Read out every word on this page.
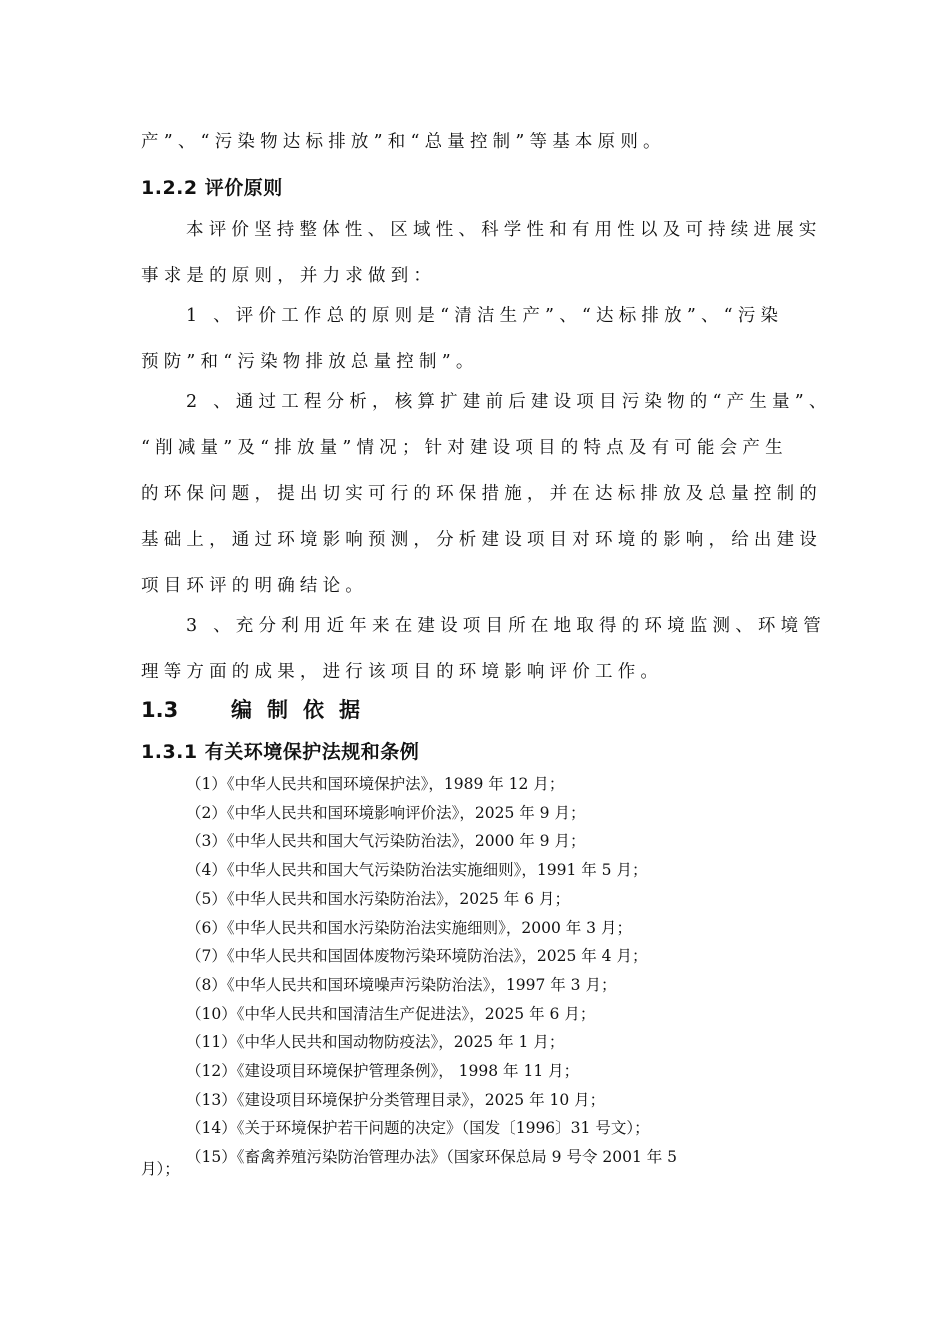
产”、“污染物达标排放”和“总量控制”等基本原则。
1.2.2 评价原则
本评价坚持整体性、区域性、科学性和有用性以及可持续进展实
事求是的原则，并力求做到：
1 、评价工作总的原则是“清洁生产”、“达标排放”、“污染
预防”和“污染物排放总量控制”。
2 、通过工程分析，核算扩建前后建设项目污染物的“产生量”、
“削减量”及“排放量”情况；针对建设项目的特点及有可能会产生
的环保问题，提出切实可行的环保措施，并在达标排放及总量控制的
基础上，通过环境影响预测，分析建设项目对环境的影响，给出建设
项目环评的明确结论。
3 、充分利用近年来在建设项目所在地取得的环境监测、环境管
理等方面的成果，进行该项目的环境影响评价工作。
1.3	编制依据
1.3.1 有关环境保护法规和条例
（1）《中华人民共和国环境保护法》，1989 年 12 月；
（2）《中华人民共和国环境影响评价法》，2025 年 9 月；
（3）《中华人民共和国大气污染防治法》，2000 年 9 月；
（4）《中华人民共和国大气污染防治法实施细则》，1991 年 5 月；
（5）《中华人民共和国水污染防治法》，2025 年 6 月；
（6）《中华人民共和国水污染防治法实施细则》，2000 年 3 月；
（7）《中华人民共和国固体废物污染环境防治法》，2025 年 4 月；
（8）《中华人民共和国环境噪声污染防治法》，1997 年 3 月；
（10）《中华人民共和国清洁生产促进法》，2025 年 6 月；
（11）《中华人民共和国动物防疫法》，2025 年 1 月；
（12）《建设项目环境保护管理条例》， 1998 年 11 月；
（13）《建设项目环境保护分类管理目录》，2025 年 10 月；
（14）《关于环境保护若干问题的决定》（国发〔1996〕31 号文）；
（15）《畜禽养殖污染防治管理办法》（国家环保总局 9 号令 2001 年 5
月）；
